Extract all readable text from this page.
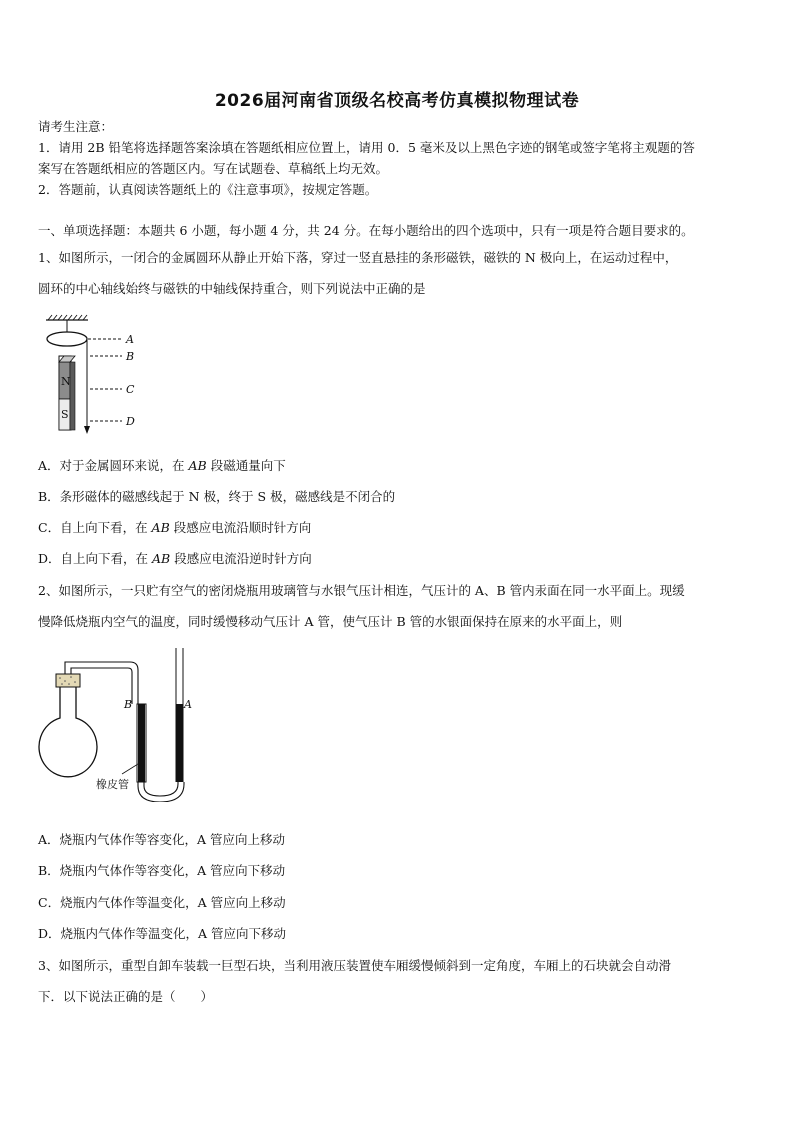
2026届河南省顶级名校高考仿真模拟物理试卷
请考生注意：
1．请用 2B 铅笔将选择题答案涂填在答题纸相应位置上，请用 0．5 毫米及以上黑色字迹的钢笔或签字笔将主观题的答
案写在答题纸相应的答题区内。写在试题卷、草稿纸上均无效。
2．答题前，认真阅读答题纸上的《注意事项》，按规定答题。
一、单项选择题：本题共 6 小题，每小题 4 分，共 24 分。在每小题给出的四个选项中，只有一项是符合题目要求的。
1、如图所示，一闭合的金属圆环从静止开始下落，穿过一竖直悬挂的条形磁铁，磁铁的 N 极向上，在运动过程中，
圆环的中心轴线始终与磁铁的中轴线保持重合，则下列说法中正确的是
N
S
A
B
C
D
A．对于金属圆环来说，在 AB 段磁通量向下
B．条形磁体的磁感线起于 N 极，终于 S 极，磁感线是不闭合的
C．自上向下看，在 AB 段感应电流沿顺时针方向
D．自上向下看，在 AB 段感应电流沿逆时针方向
2、如图所示，一只贮有空气的密闭烧瓶用玻璃管与水银气压计相连，气压计的 A、B 管内汞面在同一水平面上。现缓
慢降低烧瓶内空气的温度，同时缓慢移动气压计 A 管，使气压计 B 管的水银面保持在原来的水平面上，则
B	A
橡皮管
A．烧瓶内气体作等容变化，A 管应向上移动
B．烧瓶内气体作等容变化，A 管应向下移动
C．烧瓶内气体作等温变化，A 管应向上移动
D．烧瓶内气体作等温变化，A 管应向下移动
3、如图所示，重型自卸车装载一巨型石块，当利用液压装置使车厢缓慢倾斜到一定角度，车厢上的石块就会自动滑
下．以下说法正确的是（　　）
